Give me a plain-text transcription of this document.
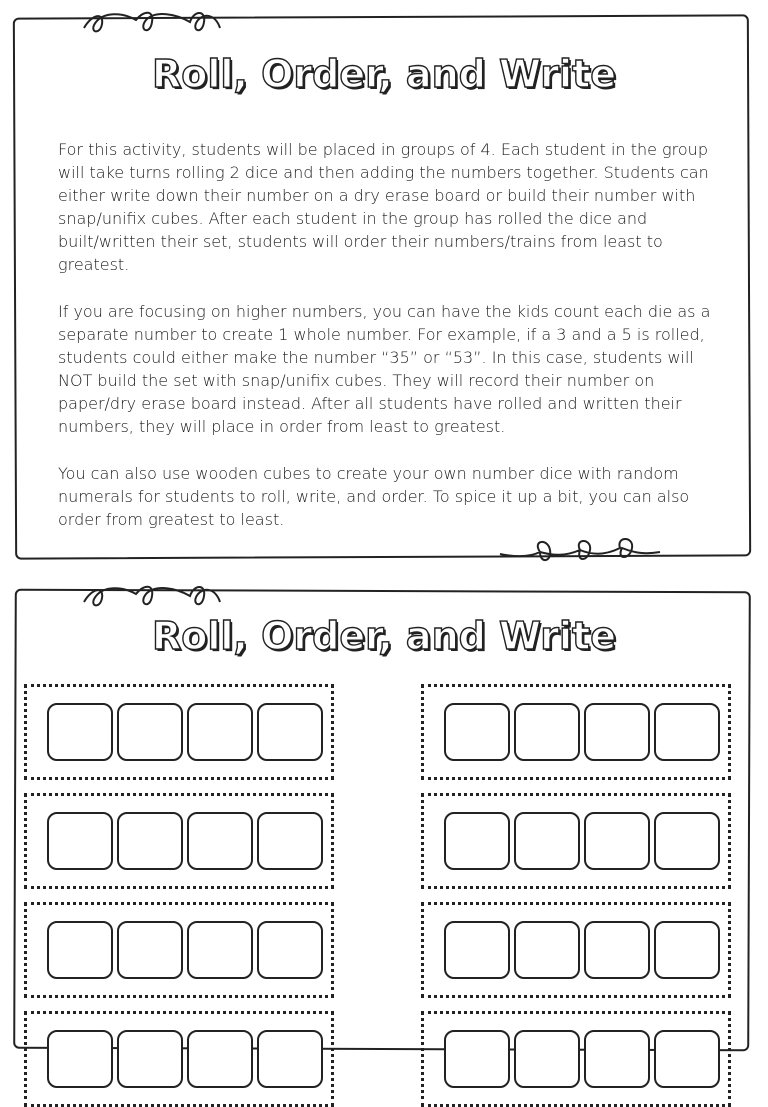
Roll, Order, and Write

For this activity, students will be placed in groups of 4. Each student in the group will take turns rolling 2 dice and then adding the numbers together. Students can either write down their number on a dry erase board or build their number with snap/unifix cubes. After each student in the group has rolled the dice and built/written their set, students will order their numbers/trains from least to greatest.

If you are focusing on higher numbers, you can have the kids count each die as a separate number to create 1 whole number. For example, if a 3 and a 5 is rolled, students could either make the number “35” or “53”. In this case, students will NOT build the set with snap/unifix cubes. They will record their number on paper/dry erase board instead. After all students have rolled and written their numbers, they will place in order from least to greatest.

You can also use wooden cubes to create your own number dice with random numerals for students to roll, write, and order. To spice it up a bit, you can also order from greatest to least.

Roll, Order, and Write
